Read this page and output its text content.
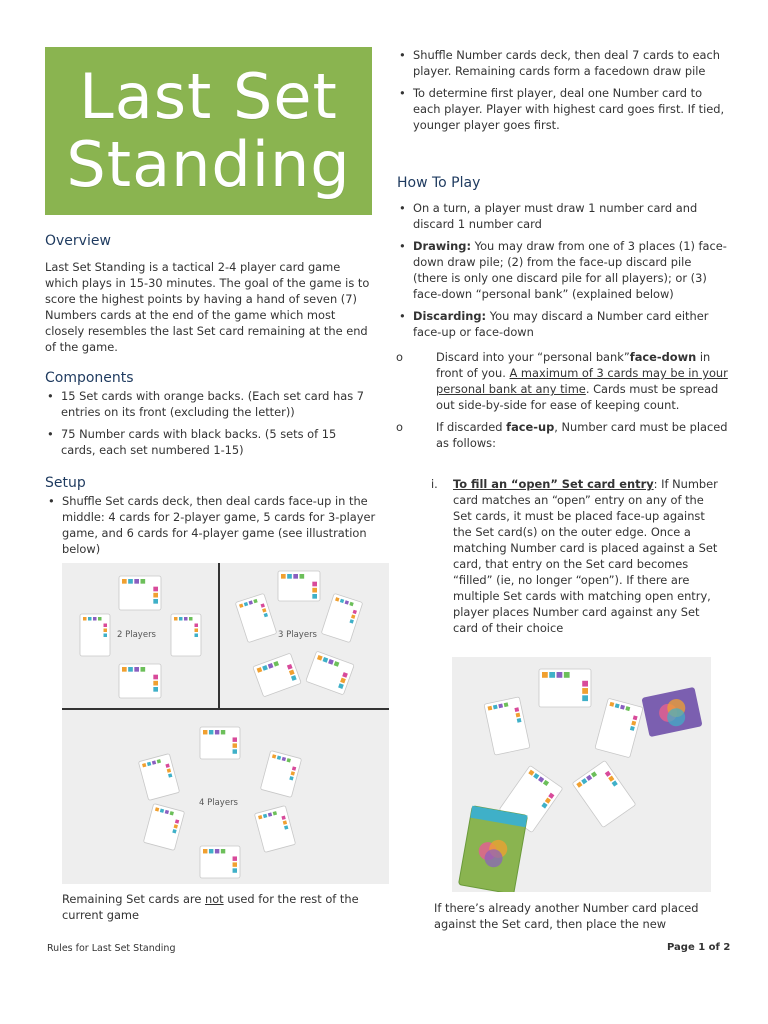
Last Set
Standing
Overview

Last Set Standing is a tactical 2-4 player card game which plays in 15-30 minutes. The goal of the game is to score the highest points by having a hand of seven (7) Numbers cards at the end of the game which most closely resembles the last Set card remaining at the end of the game.

Components
• 15 Set cards with orange backs. (Each set card has 7 entries on its front (excluding the letter))
• 75 Number cards with black backs. (5 sets of 15 cards, each set numbered 1-15)
Setup
• Shuffle Set cards deck, then deal cards face-up in the middle: 4 cards for 2-player game, 5 cards for 3-player game, and 6 cards for 4-player game (see illustration below)
2 Players	3 Players
4 Players

Remaining Set cards are not used for the rest of the current game

• Shuffle Number cards deck, then deal 7 cards to each player. Remaining cards form a facedown draw pile
• To determine first player, deal one Number card to each player. Player with highest card goes first. If tied, younger player goes first.
How To Play
• On a turn, a player must draw 1 number card and discard 1 number card
• Drawing: You may draw from one of 3 places (1) face-down draw pile; (2) from the face-up discard pile (there is only one discard pile for all players); or (3) face-down “personal bank” (explained below)
• Discarding: You may discard a Number card either face-up or face-down
o	Discard into your “personal bank”face-down in front of you. A maximum of 3 cards may be in your personal bank at any time. Cards must be spread out side-by-side for ease of keeping count.
o	If discarded face-up, Number card must be placed as follows:
i. To fill an “open” Set card entry: If Number card matches an “open” entry on any of the Set cards, it must be placed face-up against the Set card(s) on the outer edge. Once a matching Number card is placed against a Set card, that entry on the Set card becomes “filled” (ie, no longer “open”). If there are multiple Set cards with matching open entry, player places Number card against any Set card of their choice

If there’s already another Number card placed against the Set card, then place the new

Rules for Last Set Standing	Page 1 of 2
